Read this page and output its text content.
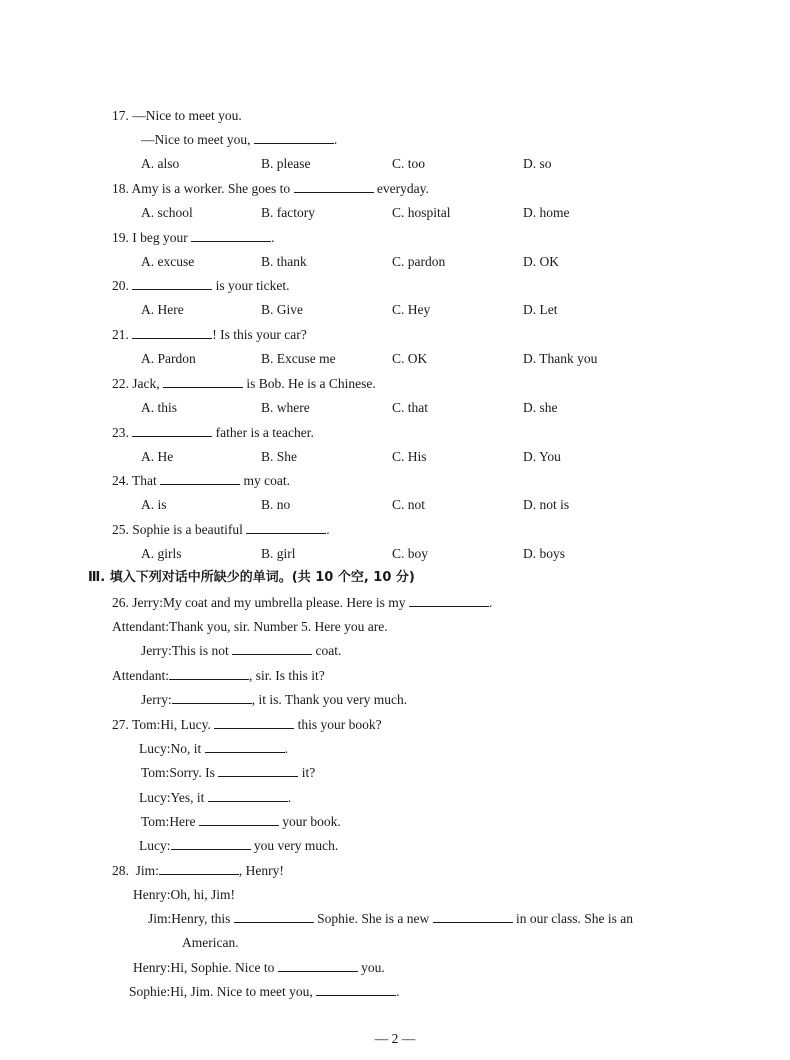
17. —Nice to meet you.
—Nice to meet you,	.
A. also	B. please	C. too	D. so
18. Amy is a worker. She goes to	everyday.
A. school	B. factory	C. hospital	D. home
19. I beg your	.
A. excuse	B. thank	C. pardon	D. OK
20.	is your ticket.
A. Here	B. Give	C. Hey	D. Let
21.	! Is this your car?
A. Pardon	B. Excuse me	C. OK	D. Thank you
22. Jack,	is Bob. He is a Chinese.
A. this	B. where	C. that	D. she
23.	father is a teacher.
A. He	B. She	C. His	D. You
24. That	my coat.
A. is	B. no	C. not	D. not is
25. Sophie is a beautiful	.
A. girls	B. girl	C. boy	D. boys
Ⅲ. 填入下列对话中所缺少的单词。(共 10 个空, 10 分)
26. Jerry:My coat and my umbrella please. Here is my	.
Attendant:Thank you, sir. Number 5. Here you are.
Jerry:This is not	coat.
Attendant:	, sir. Is this it?
Jerry:	, it is. Thank you very much.
27. Tom:Hi, Lucy.	this your book?
Lucy:No, it	.
Tom:Sorry. Is	it?
Lucy:Yes, it	.
Tom:Here	your book.
Lucy:	you very much.
28. Jim:	, Henry!
Henry:Oh, hi, Jim!
Jim:Henry, this	Sophie. She is a new	in our class. She is an
American.
Henry:Hi, Sophie. Nice to	you.
Sophie:Hi, Jim. Nice to meet you,	.
— 2 —
